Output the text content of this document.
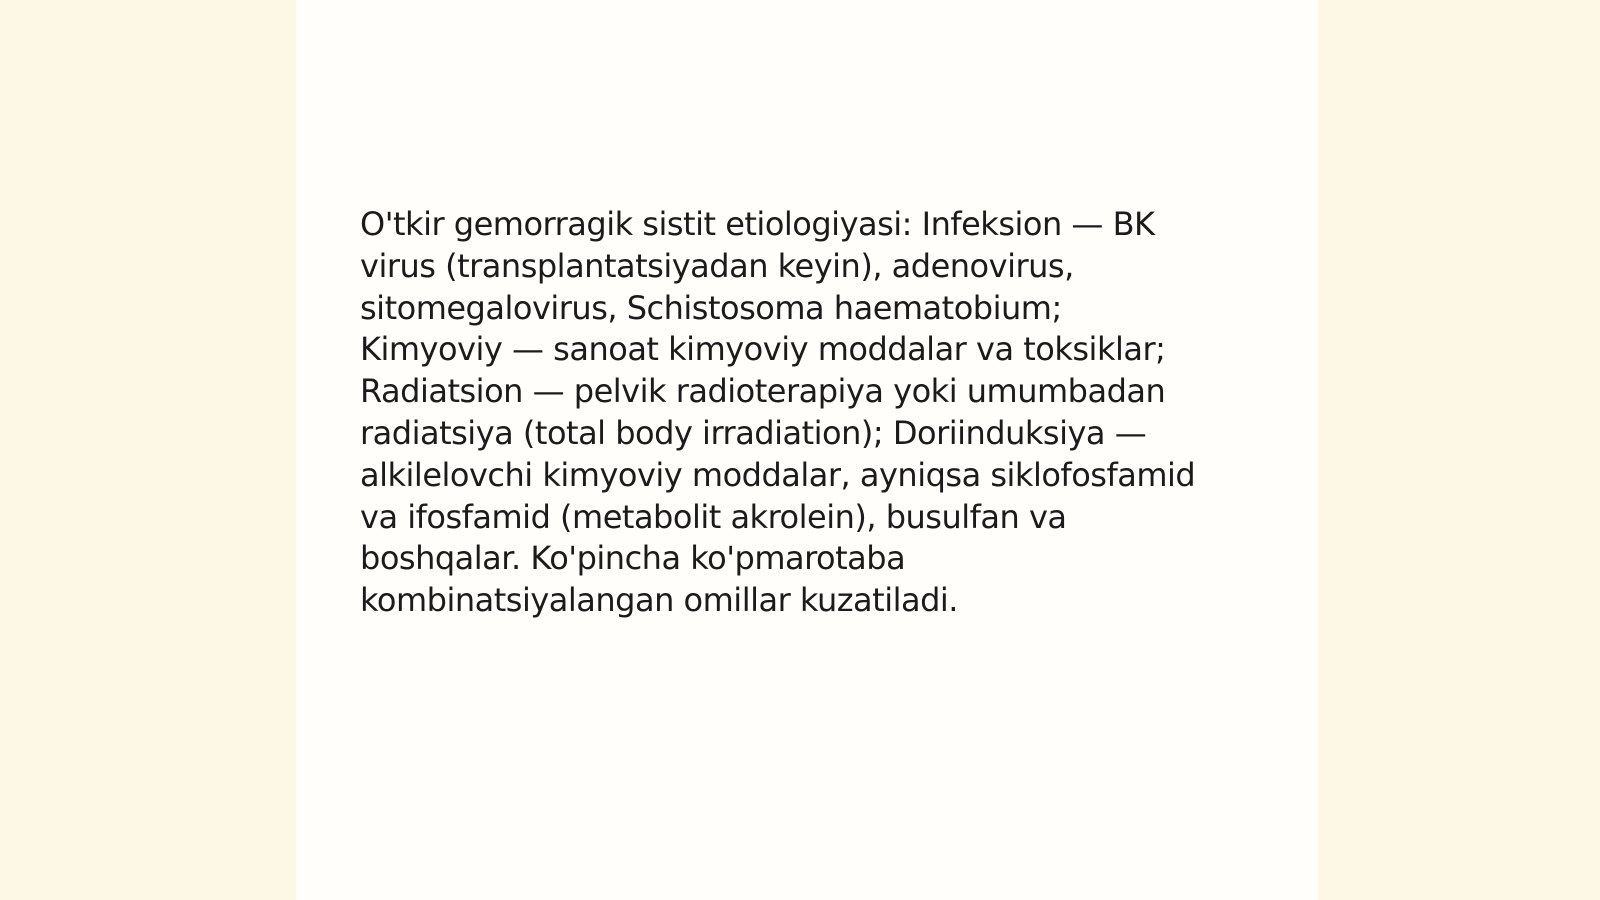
O'tkir gemorragik sistit etiologiyasi: Infeksion — BK
virus (transplantatsiyadan keyin), adenovirus,
sitomegalovirus, Schistosoma haematobium;
Kimyoviy — sanoat kimyoviy moddalar va toksiklar;
Radiatsion — pelvik radioterapiya yoki umumbadan
radiatsiya (total body irradiation); Doriinduksiya —
alkilelovchi kimyoviy moddalar, ayniqsa siklofosfamid
va ifosfamid (metabolit akrolein), busulfan va
boshqalar. Ko'pincha ko'pmarotaba
kombinatsiyalangan omillar kuzatiladi.
